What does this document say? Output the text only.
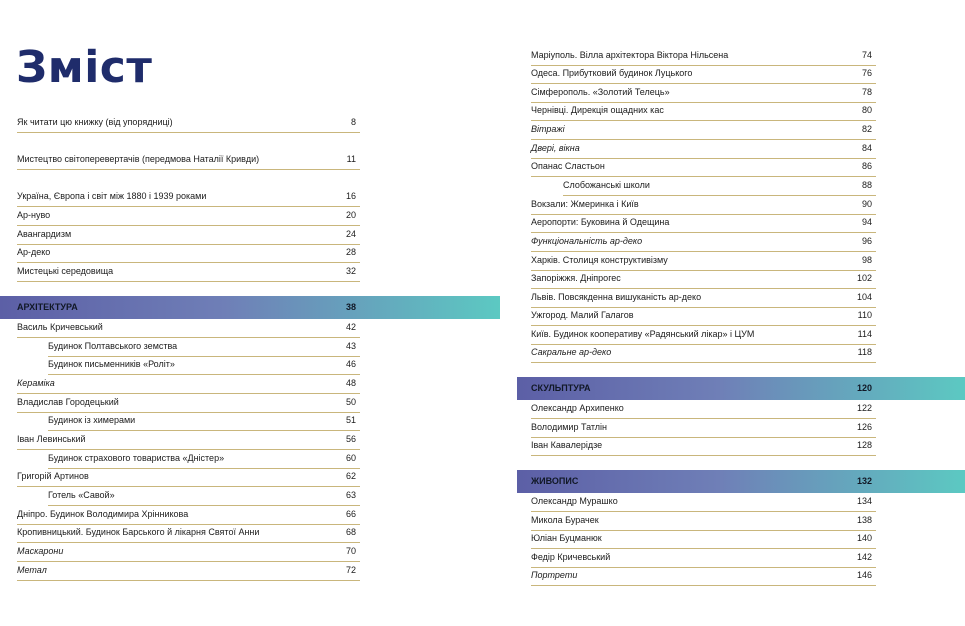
Зміст
Як читати цю книжку (від упорядниці)	8
Мистецтво світоперевертачів (передмова Наталії Кривди)	11
Україна, Європа і світ між 1880 і 1939 роками	16
Ар-нуво	20
Авангардизм	24
Ар-деко	28
Мистецькі середовища	32
АРХІТЕКТУРА	38
Василь Кричевський	42
Будинок Полтавського земства	43
Будинок письменників «Роліт»	46
Кераміка	48
Владислав Городецький	50
Будинок із химерами	51
Іван Левинський	56
Будинок страхового товариства «Дністер»	60
Григорій Артинов	62
Готель «Савой»	63
Дніпро. Будинок Володимира Хрінникова	66
Кропивницький. Будинок Барського й лікарня Святої Анни	68
Маскарони	70
Метал	72
Маріуполь. Вілла архітектора Віктора Нільсена	74
Одеса. Прибутковий будинок Луцького	76
Сімферополь. «Золотий Телець»	78
Чернівці. Дирекція ощадних кас	80
Вітражі	82
Двері, вікна	84
Опанас Сластьон	86
Слобожанські школи	88
Вокзали: Жмеринка і Київ	90
Аеропорти: Буковина й Одещина	94
Функціональність ар-деко	96
Харків. Столиця конструктивізму	98
Запоріжжя. Дніпрогес	102
Львів. Повсякденна вишуканість ар-деко	104
Ужгород. Малий Галагов	110
Київ. Будинок кооперативу «Радянський лікар» і ЦУМ	114
Сакральне ар-деко	118
СКУЛЬПТУРА	120
Олександр Архипенко	122
Володимир Татлін	126
Іван Кавалерідзе	128
ЖИВОПИС	132
Олександр Мурашко	134
Микола Бурачек	138
Юліан Буцманюк	140
Федір Кричевський	142
Портрети	146
